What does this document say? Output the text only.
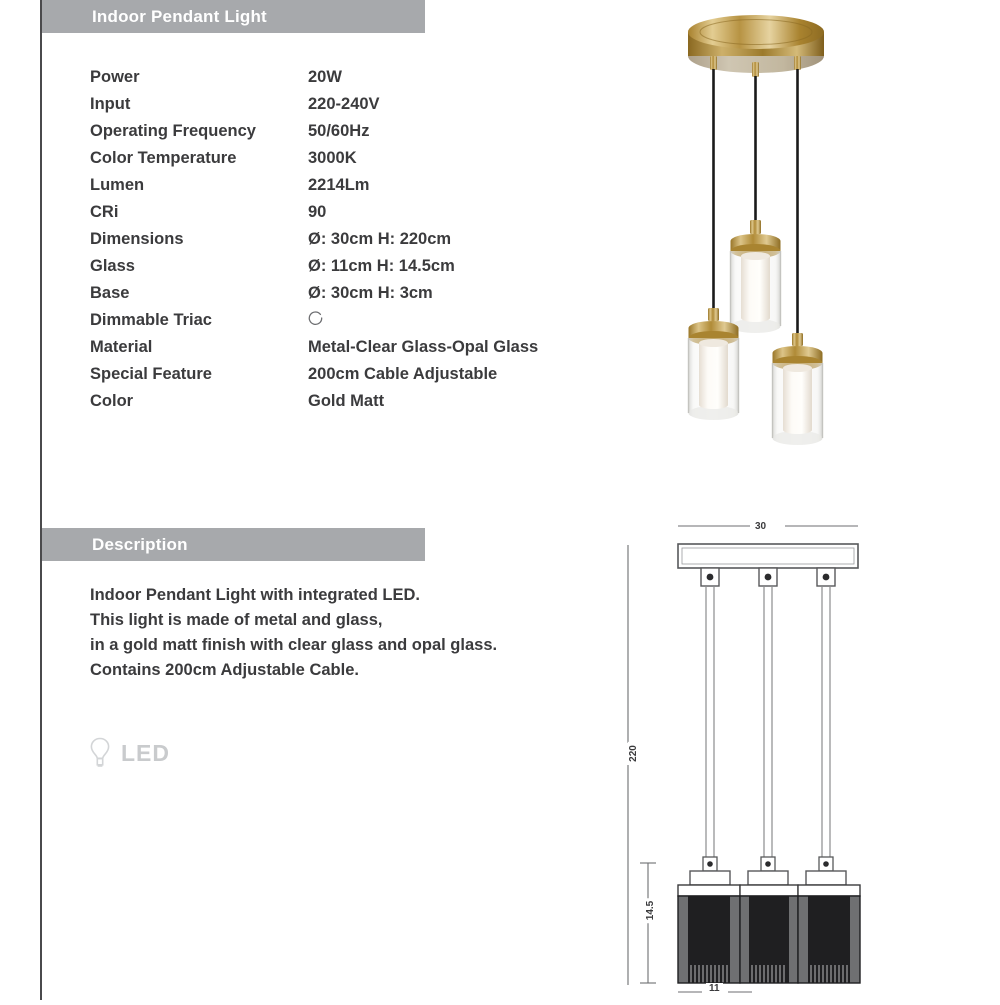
Indoor Pendant Light
Power	20W
Input	220-240V
Operating Frequency	50/60Hz
Color Temperature	3000K
Lumen	2214Lm
CRi	90
Dimensions	Ø: 30cm H: 220cm
Glass	Ø: 11cm H: 14.5cm
Base	Ø: 30cm H: 3cm
Dimmable Triac
Material	Metal-Clear Glass-Opal Glass
Special Feature	200cm Cable Adjustable
Color	Gold Matt
Description
Indoor Pendant Light with integrated LED.
This light is made of metal and glass,
in a gold matt finish with clear glass and opal glass.
Contains 200cm Adjustable Cable.
LED
30
220
14.5
11
